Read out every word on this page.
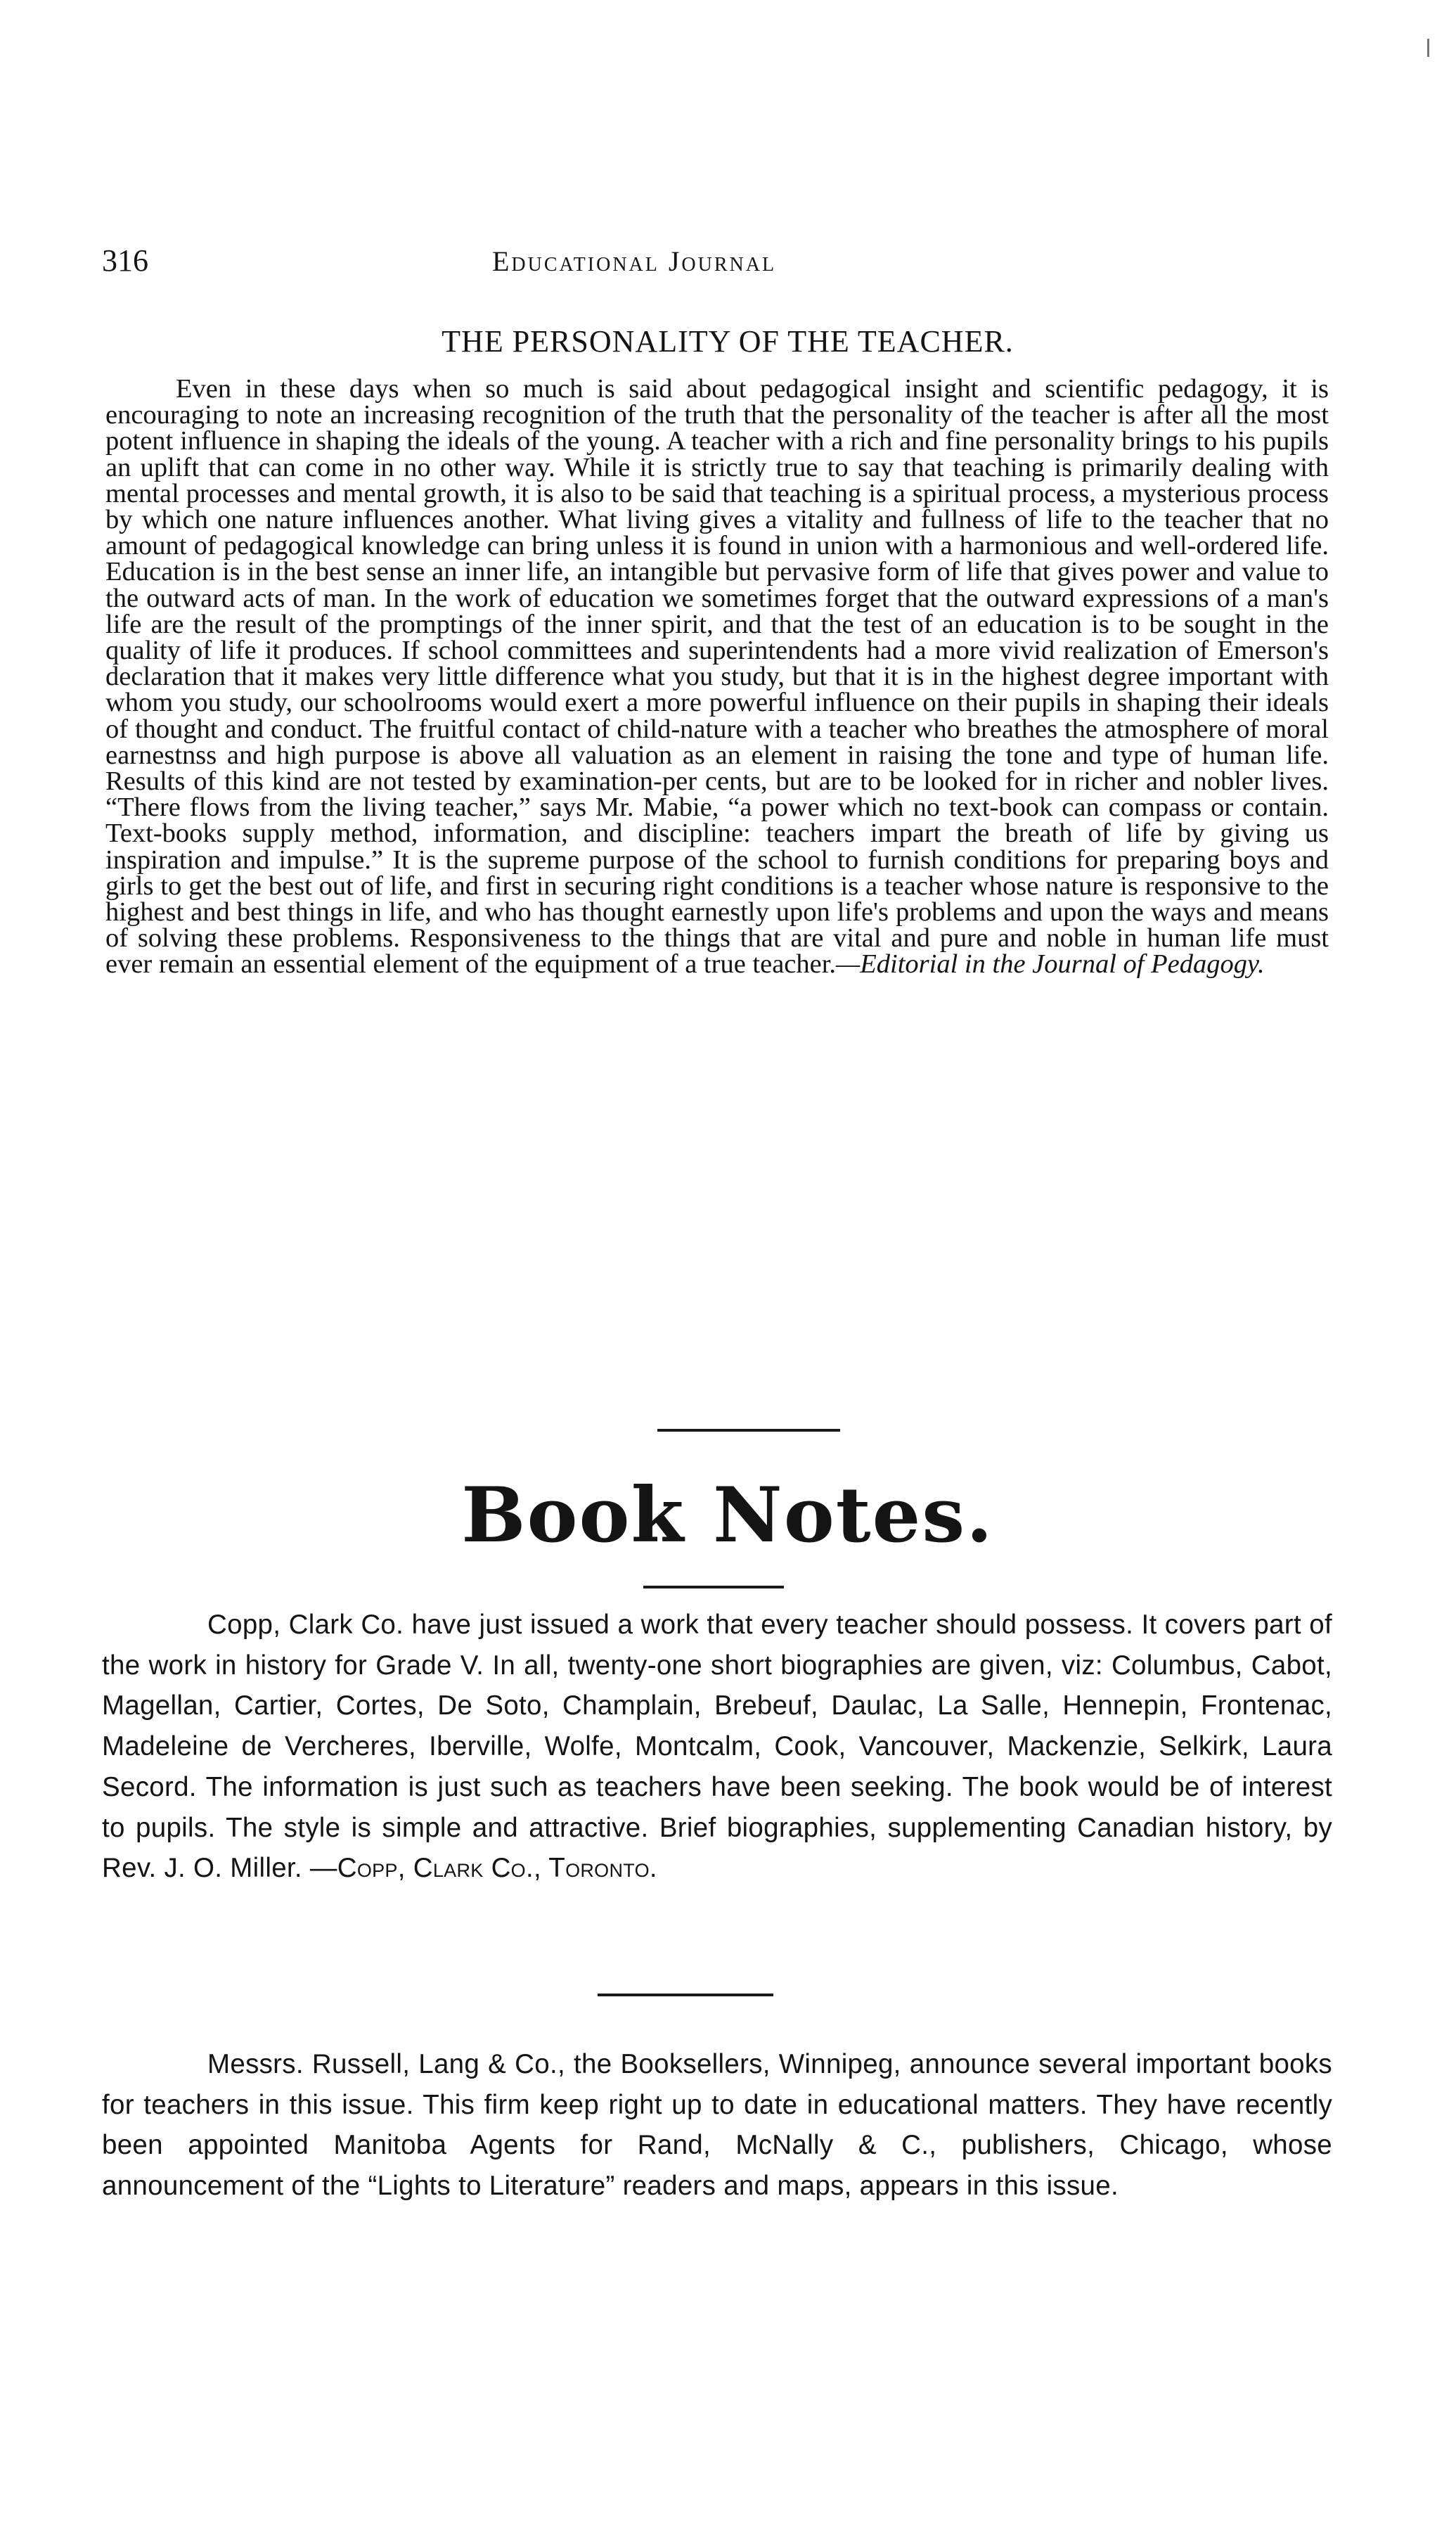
316	Educational Journal
THE PERSONALITY OF THE TEACHER.
Even in these days when so much is said about pedagogical insight and scientific pedagogy, it is encouraging to note an increasing recognition of the truth that the personality of the teacher is after all the most potent influence in shaping the ideals of the young. A teacher with a rich and fine personality brings to his pupils an uplift that can come in no other way. While it is strictly true to say that teaching is primarily dealing with mental processes and mental growth, it is also to be said that teaching is a spiritual process, a mysterious process by which one nature influences another. What living gives a vitality and fullness of life to the teacher that no amount of pedagogical knowledge can bring unless it is found in union with a harmonious and well-ordered life. Education is in the best sense an inner life, an intangible but pervasive form of life that gives power and value to the outward acts of man. In the work of education we sometimes forget that the outward expressions of a man's life are the result of the promptings of the inner spirit, and that the test of an education is to be sought in the quality of life it produces. If school committees and superintendents had a more vivid realization of Emerson's declaration that it makes very little difference what you study, but that it is in the highest degree important with whom you study, our schoolrooms would exert a more powerful influence on their pupils in shaping their ideals of thought and conduct. The fruitful contact of child-nature with a teacher who breathes the atmosphere of moral earnestnss and high purpose is above all valuation as an element in raising the tone and type of human life. Results of this kind are not tested by examination-per cents, but are to be looked for in richer and nobler lives. “There flows from the living teacher,” says Mr. Mabie, “a power which no text-book can compass or contain. Text-books supply method, information, and discipline: teachers impart the breath of life by giving us inspiration and impulse.” It is the supreme purpose of the school to furnish conditions for preparing boys and girls to get the best out of life, and first in securing right conditions is a teacher whose nature is responsive to the highest and best things in life, and who has thought earnestly upon life's problems and upon the ways and means of solving these problems. Responsiveness to the things that are vital and pure and noble in human life must ever remain an essential element of the equipment of a true teacher.—Editorial in the Journal of Pedagogy.
Book Notes.
Copp, Clark Co. have just issued a work that every teacher should possess. It covers part of the work in history for Grade V. In all, twenty-one short biographies are given, viz: Columbus, Cabot, Magellan, Cartier, Cortes, De Soto, Champlain, Brebeuf, Daulac, La Salle, Hennepin, Frontenac, Madeleine de Vercheres, Iberville, Wolfe, Montcalm, Cook, Vancouver, Mackenzie, Selkirk, Laura Secord. The information is just such as teachers have been seeking. The book would be of interest to pupils. The style is simple and attractive. Brief biographies, supplementing Canadian history, by Rev. J. O. Miller. —Copp, Clark Co., Toronto.
Messrs. Russell, Lang & Co., the Booksellers, Winnipeg, announce several important books for teachers in this issue. This firm keep right up to date in educational matters. They have recently been appointed Manitoba Agents for Rand, McNally & C., publishers, Chicago, whose announcement of the “Lights to Literature” readers and maps, appears in this issue.
